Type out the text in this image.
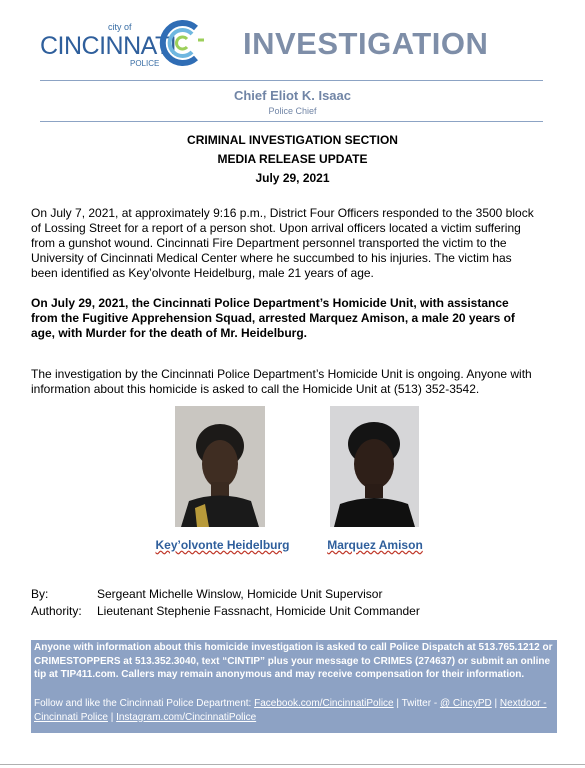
city of
CINCINNATI
POLICE
INVESTIGATION
Chief Eliot K. Isaac
Police Chief
CRIMINAL INVESTIGATION SECTION
MEDIA RELEASE UPDATE
July 29, 2021
On July 7, 2021, at approximately 9:16 p.m., District Four Officers responded to the 3500 block of Lossing Street for a report of a person shot. Upon arrival officers located a victim suffering from a gunshot wound. Cincinnati Fire Department personnel transported the victim to the University of Cincinnati Medical Center where he succumbed to his injuries. The victim has been identified as Key’olvonte Heidelburg, male 21 years of age.
On July 29, 2021, the Cincinnati Police Department’s Homicide Unit, with assistance from the Fugitive Apprehension Squad, arrested Marquez Amison, a male 20 years of age, with Murder for the death of Mr. Heidelburg.
The investigation by the Cincinnati Police Department’s Homicide Unit is ongoing. Anyone with information about this homicide is asked to call the Homicide Unit at (513) 352-3542.
Key’olvonte Heidelburg	Marquez Amison
By:	Sergeant Michelle Winslow, Homicide Unit Supervisor
Authority: Lieutenant Stephenie Fassnacht, Homicide Unit Commander
Anyone with information about this homicide investigation is asked to call Police Dispatch at 513.765.1212 or CRIMESTOPPERS at 513.352.3040, text “CINTIP” plus your message to CRIMES (274637) or submit an online tip at TIP411.com. Callers may remain anonymous and may receive compensation for their information.
Follow and like the Cincinnati Police Department: Facebook.com/CincinnatiPolice | Twitter - @ CincyPD | Nextdoor - Cincinnati Police | Instagram.com/CincinnatiPolice
